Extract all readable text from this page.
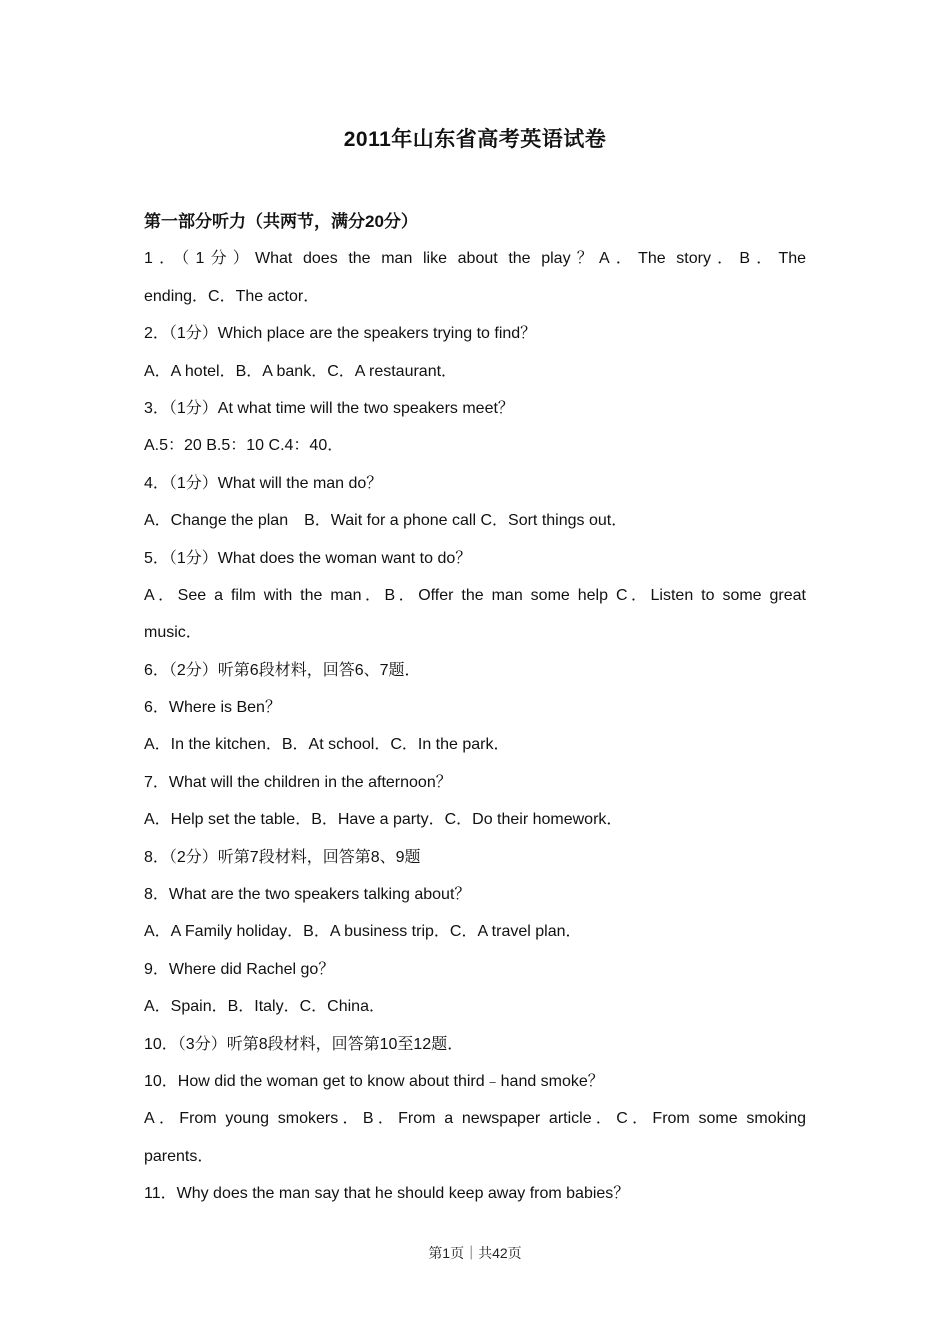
2011年山东省高考英语试卷
第一部分听力（共两节，满分20分）
1．（1分）What does the man like about the play？A．The story．B．The
ending．C．The actor．
2．（1分）Which place are the speakers trying to find？
A．A hotel．B．A bank．C．A restaurant．
3．（1分）At what time will the two speakers meet？
A.5：20 B.5：10 C.4：40．
4．（1分）What will the man do？
A．Change the plan　B．Wait for a phone call C．Sort things out．
5．（1分）What does the woman want to do？
A．See a film with the man．B．Offer the man some help C．Listen to some great
music．
6．（2分）听第6段材料，回答6、7题．
6．Where is Ben？
A．In the kitchen．B．At school．C．In the park．
7．What will the children in the afternoon？
A．Help set the table．B．Have a party．C．Do their homework．
8．（2分）听第7段材料，回答第8、9题
8．What are the two speakers talking about？
A．A Family holiday．B．A business trip．C．A travel plan．
9．Where did Rachel go？
A．Spain．B．Italy．C．China．
10．（3分）听第8段材料，回答第10至12题．
10．How did the woman get to know about third﹣hand smoke？
A．From young smokers．B．From a newspaper article．C．From some smoking
parents．
11．Why does the man say that he should keep away from babies？
第1页｜共42页
